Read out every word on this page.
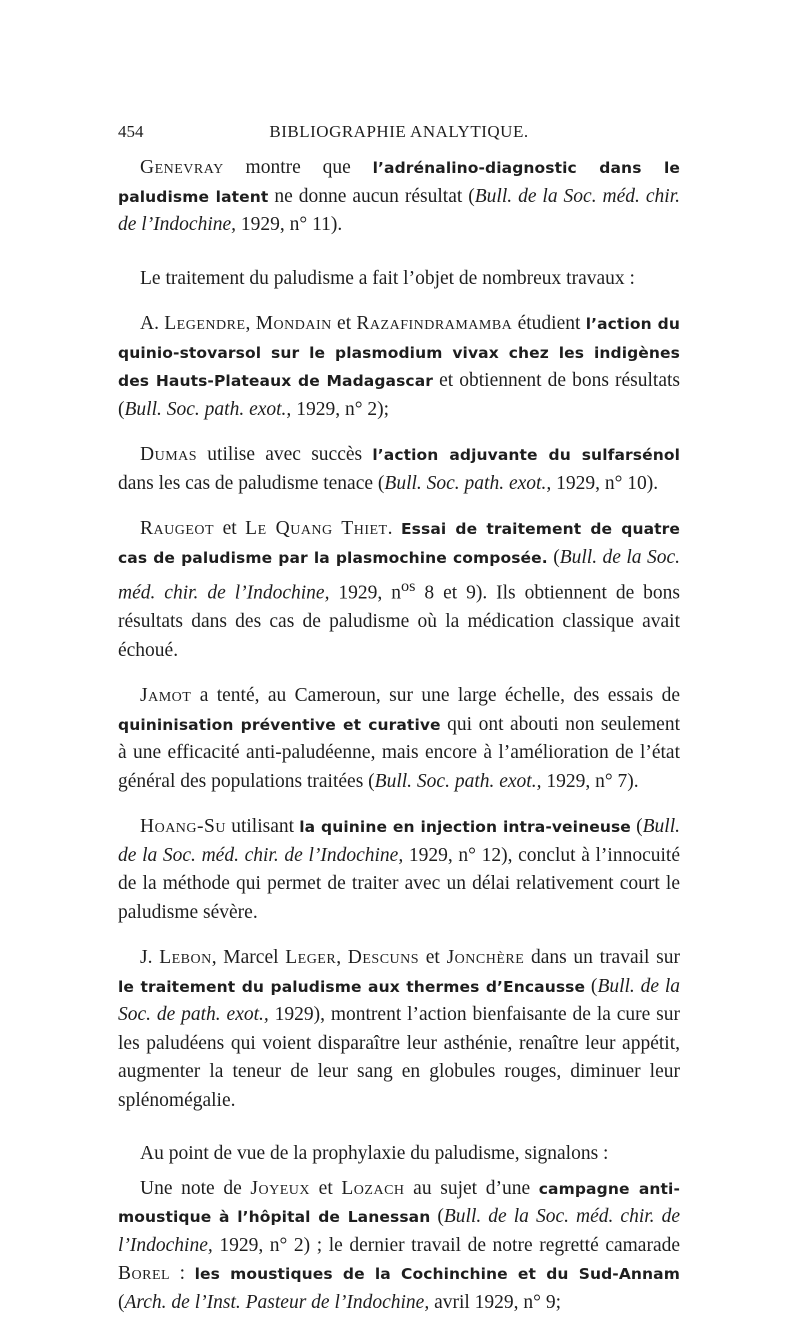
454	BIBLIOGRAPHIE ANALYTIQUE.

Genevray montre que l’adrénalino-diagnostic dans le paludisme latent ne donne aucun résultat (Bull. de la Soc. méd. chir. de l’Indochine, 1929, n° 11).

Le traitement du paludisme a fait l’objet de nombreux travaux :

A. Legendre, Mondain et Razafindramamba étudient l’action du quinio-stovarsol sur le plasmodium vivax chez les indigènes des Hauts-Plateaux de Madagascar et obtiennent de bons résultats (Bull. Soc. path. exot., 1929, n° 2);

Dumas utilise avec succès l’action adjuvante du sulfarsénol dans les cas de paludisme tenace (Bull. Soc. path. exot., 1929, n° 10).

Raugeot et Le Quang Thiet. Essai de traitement de quatre cas de paludisme par la plasmochine composée. (Bull. de la Soc. méd. chir. de l’Indochine, 1929, $n^{os}$ 8 et 9). Ils obtiennent de bons résultats dans des cas de paludisme où la médication classique avait échoué.

Jamot a tenté, au Cameroun, sur une large échelle, des essais de quininisation préventive et curative qui ont abouti non seulement à une efficacité anti-paludéenne, mais encore à l’amélioration de l’état général des populations traitées (Bull. Soc. path. exot., 1929, n° 7).

Hoang-Su utilisant la quinine en injection intra-veineuse (Bull. de la Soc. méd. chir. de l’Indochine, 1929, n° 12), conclut à l’innocuité de la méthode qui permet de traiter avec un délai relativement court le paludisme sévère.

J. Lebon, Marcel Leger, Descuns et Jonchère dans un travail sur le traitement du paludisme aux thermes d’Encausse (Bull. de la Soc. de path. exot., 1929), montrent l’action bienfaisante de la cure sur les paludéens qui voient disparaître leur asthénie, renaître leur appétit, augmenter la teneur de leur sang en globules rouges, diminuer leur splénomégalie.

Au point de vue de la prophylaxie du paludisme, signalons :

Une note de Joyeux et Lozach au sujet d’une campagne anti-moustique à l’hôpital de Lanessan (Bull. de la Soc. méd. chir. de l’Indochine, 1929, n° 2) ; le dernier travail de notre regretté camarade Borel : les moustiques de la Cochinchine et du Sud-Annam (Arch. de l’Inst. Pasteur de l’Indochine, avril 1929, n° 9;
